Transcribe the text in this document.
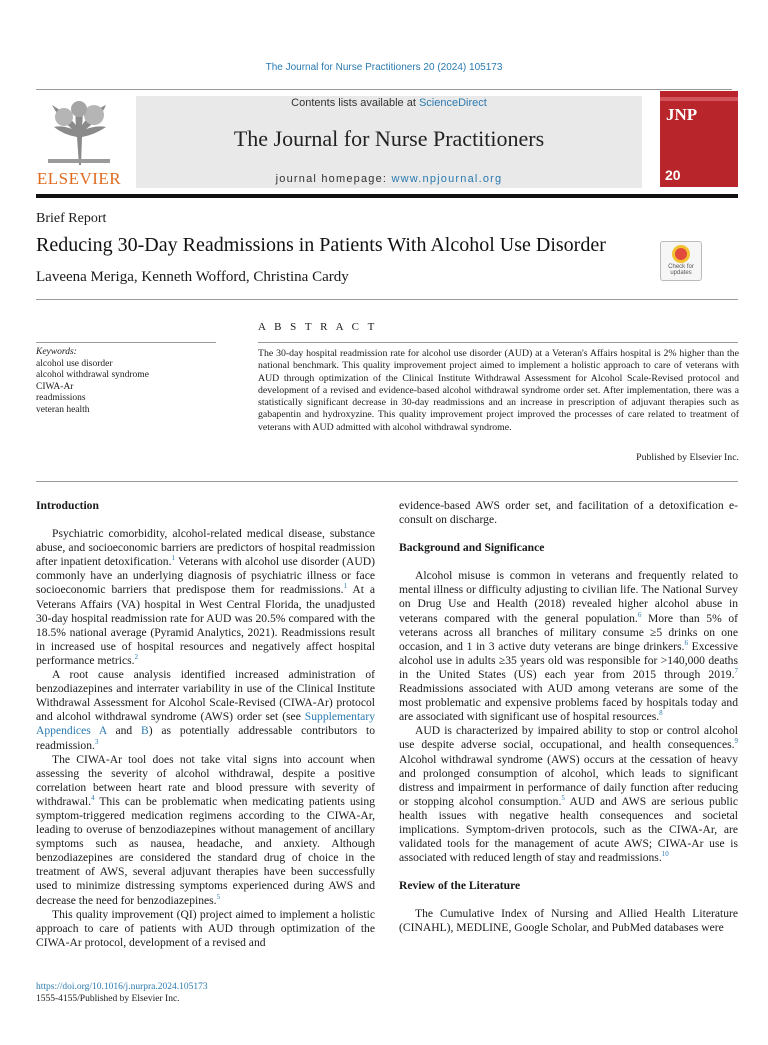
The Journal for Nurse Practitioners 20 (2024) 105173
ELSEVIER
Contents lists available at ScienceDirect
The Journal for Nurse Practitioners
journal homepage: www.npjournal.org
JNP
20
Brief Report
Reducing 30-Day Readmissions in Patients With Alcohol Use Disorder
Laveena Meriga, Kenneth Wofford, Christina Cardy
Check for updates
A B S T R A C T
Keywords:
alcohol use disorder
alcohol withdrawal syndrome
CIWA-Ar
readmissions
veteran health
The 30-day hospital readmission rate for alcohol use disorder (AUD) at a Veteran's Affairs hospital is 2% higher than the national benchmark. This quality improvement project aimed to implement a holistic approach to care of veterans with AUD through optimization of the Clinical Institute Withdrawal Assessment for Alcohol Scale-Revised protocol and development of a revised and evidence-based alcohol withdrawal syndrome order set. After implementation, there was a statistically significant decrease in 30-day readmissions and an increase in prescription of adjuvant therapies such as gabapentin and hydroxyzine. This quality improvement project improved the processes of care related to treatment of veterans with AUD admitted with alcohol withdrawal syndrome.
Published by Elsevier Inc.
Introduction

Psychiatric comorbidity, alcohol-related medical disease, substance abuse, and socioeconomic barriers are predictors of hospital readmission after inpatient detoxification.$^1$ Veterans with alcohol use disorder (AUD) commonly have an underlying diagnosis of psychiatric illness or face socioeconomic barriers that predispose them for readmissions.$^1$ At a Veterans Affairs (VA) hospital in West Central Florida, the unadjusted 30-day hospital readmission rate for AUD was 20.5% compared with the 18.5% national average (Pyramid Analytics, 2021). Readmissions result in increased use of hospital resources and negatively affect hospital performance metrics.$^2$

A root cause analysis identified increased administration of benzodiazepines and interrater variability in use of the Clinical Institute Withdrawal Assessment for Alcohol Scale-Revised (CIWA-Ar) protocol and alcohol withdrawal syndrome (AWS) order set (see Supplementary Appendices A and B) as potentially addressable contributors to readmission.$^3$

The CIWA-Ar tool does not take vital signs into account when assessing the severity of alcohol withdrawal, despite a positive correlation between heart rate and blood pressure with severity of withdrawal.$^4$ This can be problematic when medicating patients using symptom-triggered medication regimens according to the CIWA-Ar, leading to overuse of benzodiazepines without management of ancillary symptoms such as nausea, headache, and anxiety. Although benzodiazepines are considered the standard drug of choice in the treatment of AWS, several adjuvant therapies have been successfully used to minimize distressing symptoms experienced during AWS and decrease the need for benzodiazepines.$^5$

This quality improvement (QI) project aimed to implement a holistic approach to care of patients with AUD through optimization of the CIWA-Ar protocol, development of a revised and

evidence-based AWS order set, and facilitation of a detoxification e-consult on discharge.

Background and Significance

Alcohol misuse is common in veterans and frequently related to mental illness or difficulty adjusting to civilian life. The National Survey on Drug Use and Health (2018) revealed higher alcohol abuse in veterans compared with the general population.$^6$ More than 5% of veterans across all branches of military consume ≥5 drinks on one occasion, and 1 in 3 active duty veterans are binge drinkers.$^6$ Excessive alcohol use in adults ≥35 years old was responsible for >140,000 deaths in the United States (US) each year from 2015 through 2019.$^7$ Readmissions associated with AUD among veterans are some of the most problematic and expensive problems faced by hospitals today and are associated with significant use of hospital resources.$^8$

AUD is characterized by impaired ability to stop or control alcohol use despite adverse social, occupational, and health consequences.$^9$ Alcohol withdrawal syndrome (AWS) occurs at the cessation of heavy and prolonged consumption of alcohol, which leads to significant distress and impairment in performance of daily function after reducing or stopping alcohol consumption.$^5$ AUD and AWS are serious public health issues with negative health consequences and societal implications. Symptom-driven protocols, such as the CIWA-Ar, are validated tools for the management of acute AWS; CIWA-Ar use is associated with reduced length of stay and readmissions.$^{10}$

Review of the Literature

The Cumulative Index of Nursing and Allied Health Literature (CINAHL), MEDLINE, Google Scholar, and PubMed databases were

https://doi.org/10.1016/j.nurpra.2024.105173
1555-4155/Published by Elsevier Inc.
